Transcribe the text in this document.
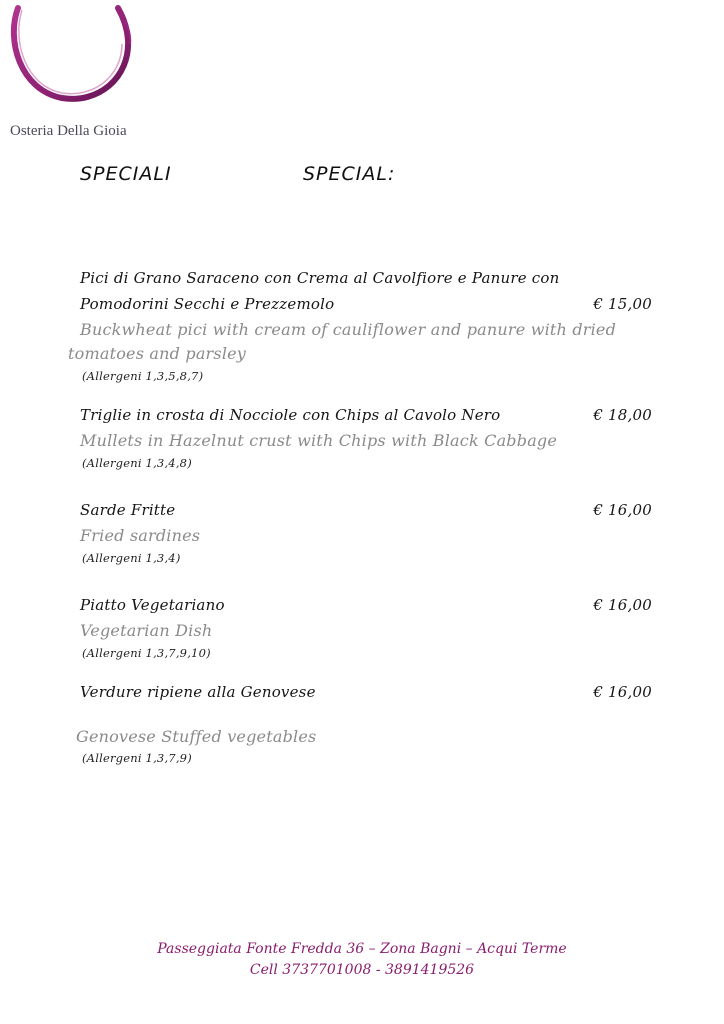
Osteria Della Gioia
SPECIALI	SPECIAL:
Pici di Grano Saraceno con Crema al Cavolfiore e Panure con
Pomodorini Secchi e Prezzemolo	€ 15,00
Buckwheat pici with cream of cauliflower and panure with dried
tomatoes and parsley
(Allergeni 1,3,5,8,7)
Triglie in crosta di Nocciole con Chips al Cavolo Nero	€ 18,00
Mullets in Hazelnut crust with Chips with Black Cabbage
(Allergeni 1,3,4,8)
Sarde Fritte	€ 16,00
Fried sardines
(Allergeni 1,3,4)
Piatto Vegetariano	€ 16,00
Vegetarian Dish
(Allergeni 1,3,7,9,10)
Verdure ripiene alla Genovese	€ 16,00
Genovese Stuffed vegetables
(Allergeni 1,3,7,9)
Passeggiata Fonte Fredda 36 – Zona Bagni – Acqui Terme
Cell 3737701008 - 3891419526
